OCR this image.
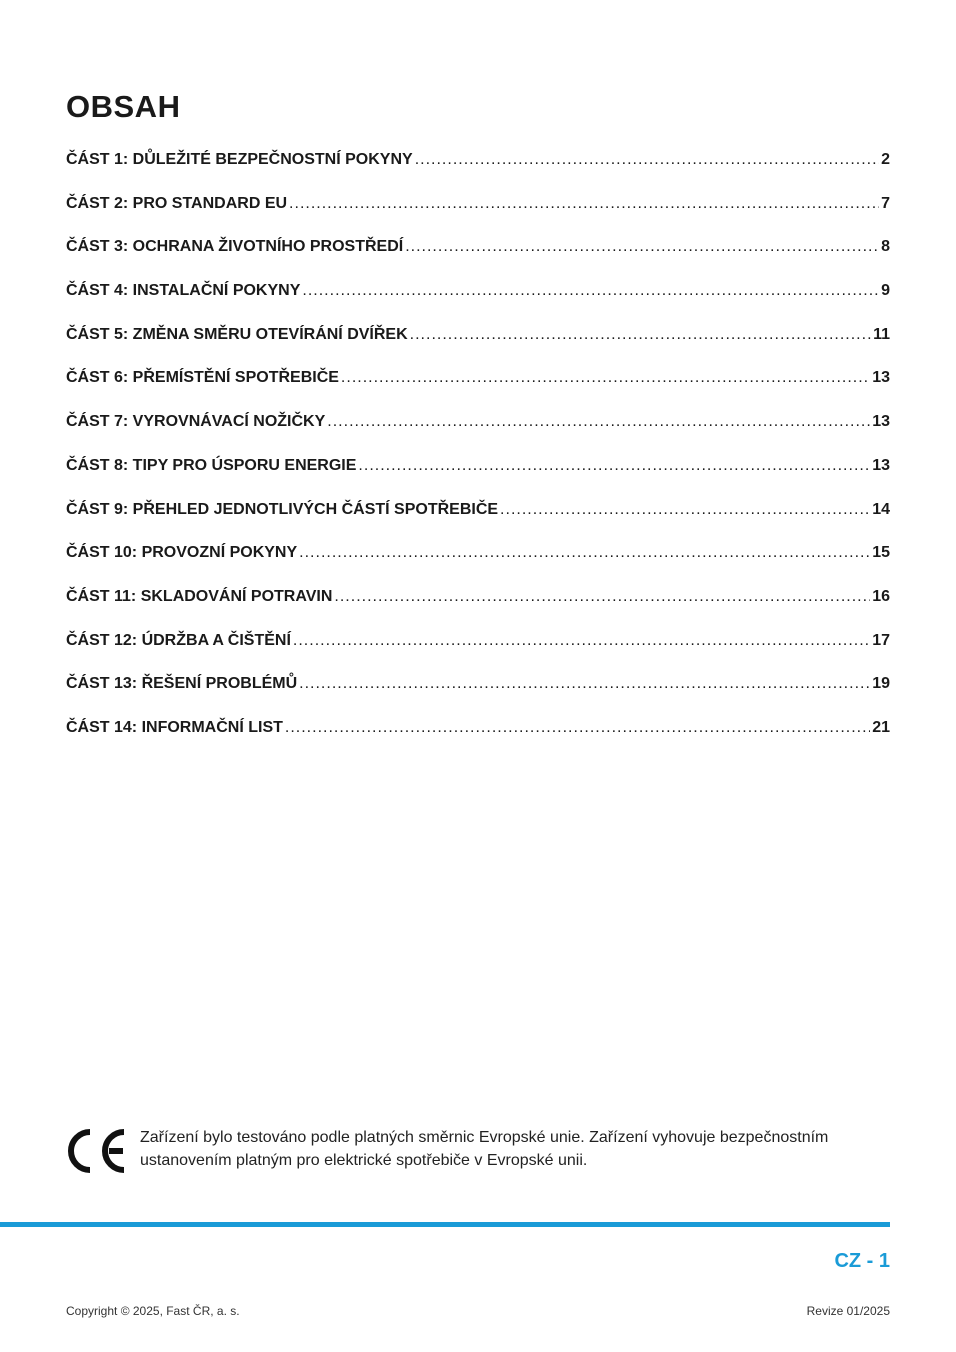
OBSAH
ČÁST 1: DŮLEŽITÉ BEZPEČNOSTNÍ POKYNY .....	2
ČÁST 2: PRO STANDARD EU .....	7
ČÁST 3: OCHRANA ŽIVOTNÍHO PROSTŘEDÍ .....	8
ČÁST 4: INSTALAČNÍ POKYNY .....	9
ČÁST 5: ZMĚNA SMĚRU OTEVÍRÁNÍ DVÍŘEK .....	11
ČÁST 6: PŘEMÍSTĚNÍ SPOTŘEBIČE .....	13
ČÁST 7: VYROVNÁVACÍ NOŽIČKY .....	13
ČÁST 8: TIPY PRO ÚSPORU ENERGIE .....	13
ČÁST 9: PŘEHLED JEDNOTLIVÝCH ČÁSTÍ SPOTŘEBIČE .....	14
ČÁST 10: PROVOZNÍ POKYNY .....	15
ČÁST 11: SKLADOVÁNÍ POTRAVIN .....	16
ČÁST 12: ÚDRŽBA A ČIŠTĚNÍ .....	17
ČÁST 13: ŘEŠENÍ PROBLÉMŮ .....	19
ČÁST 14: INFORMAČNÍ LIST .....	21
Zařízení bylo testováno podle platných směrnic Evropské unie. Zařízení vyhovuje bezpečnostním
ustanovením platným pro elektrické spotřebiče v Evropské unii.
CZ - 1
Copyright © 2025, Fast ČR, a. s.	Revize 01/2025
